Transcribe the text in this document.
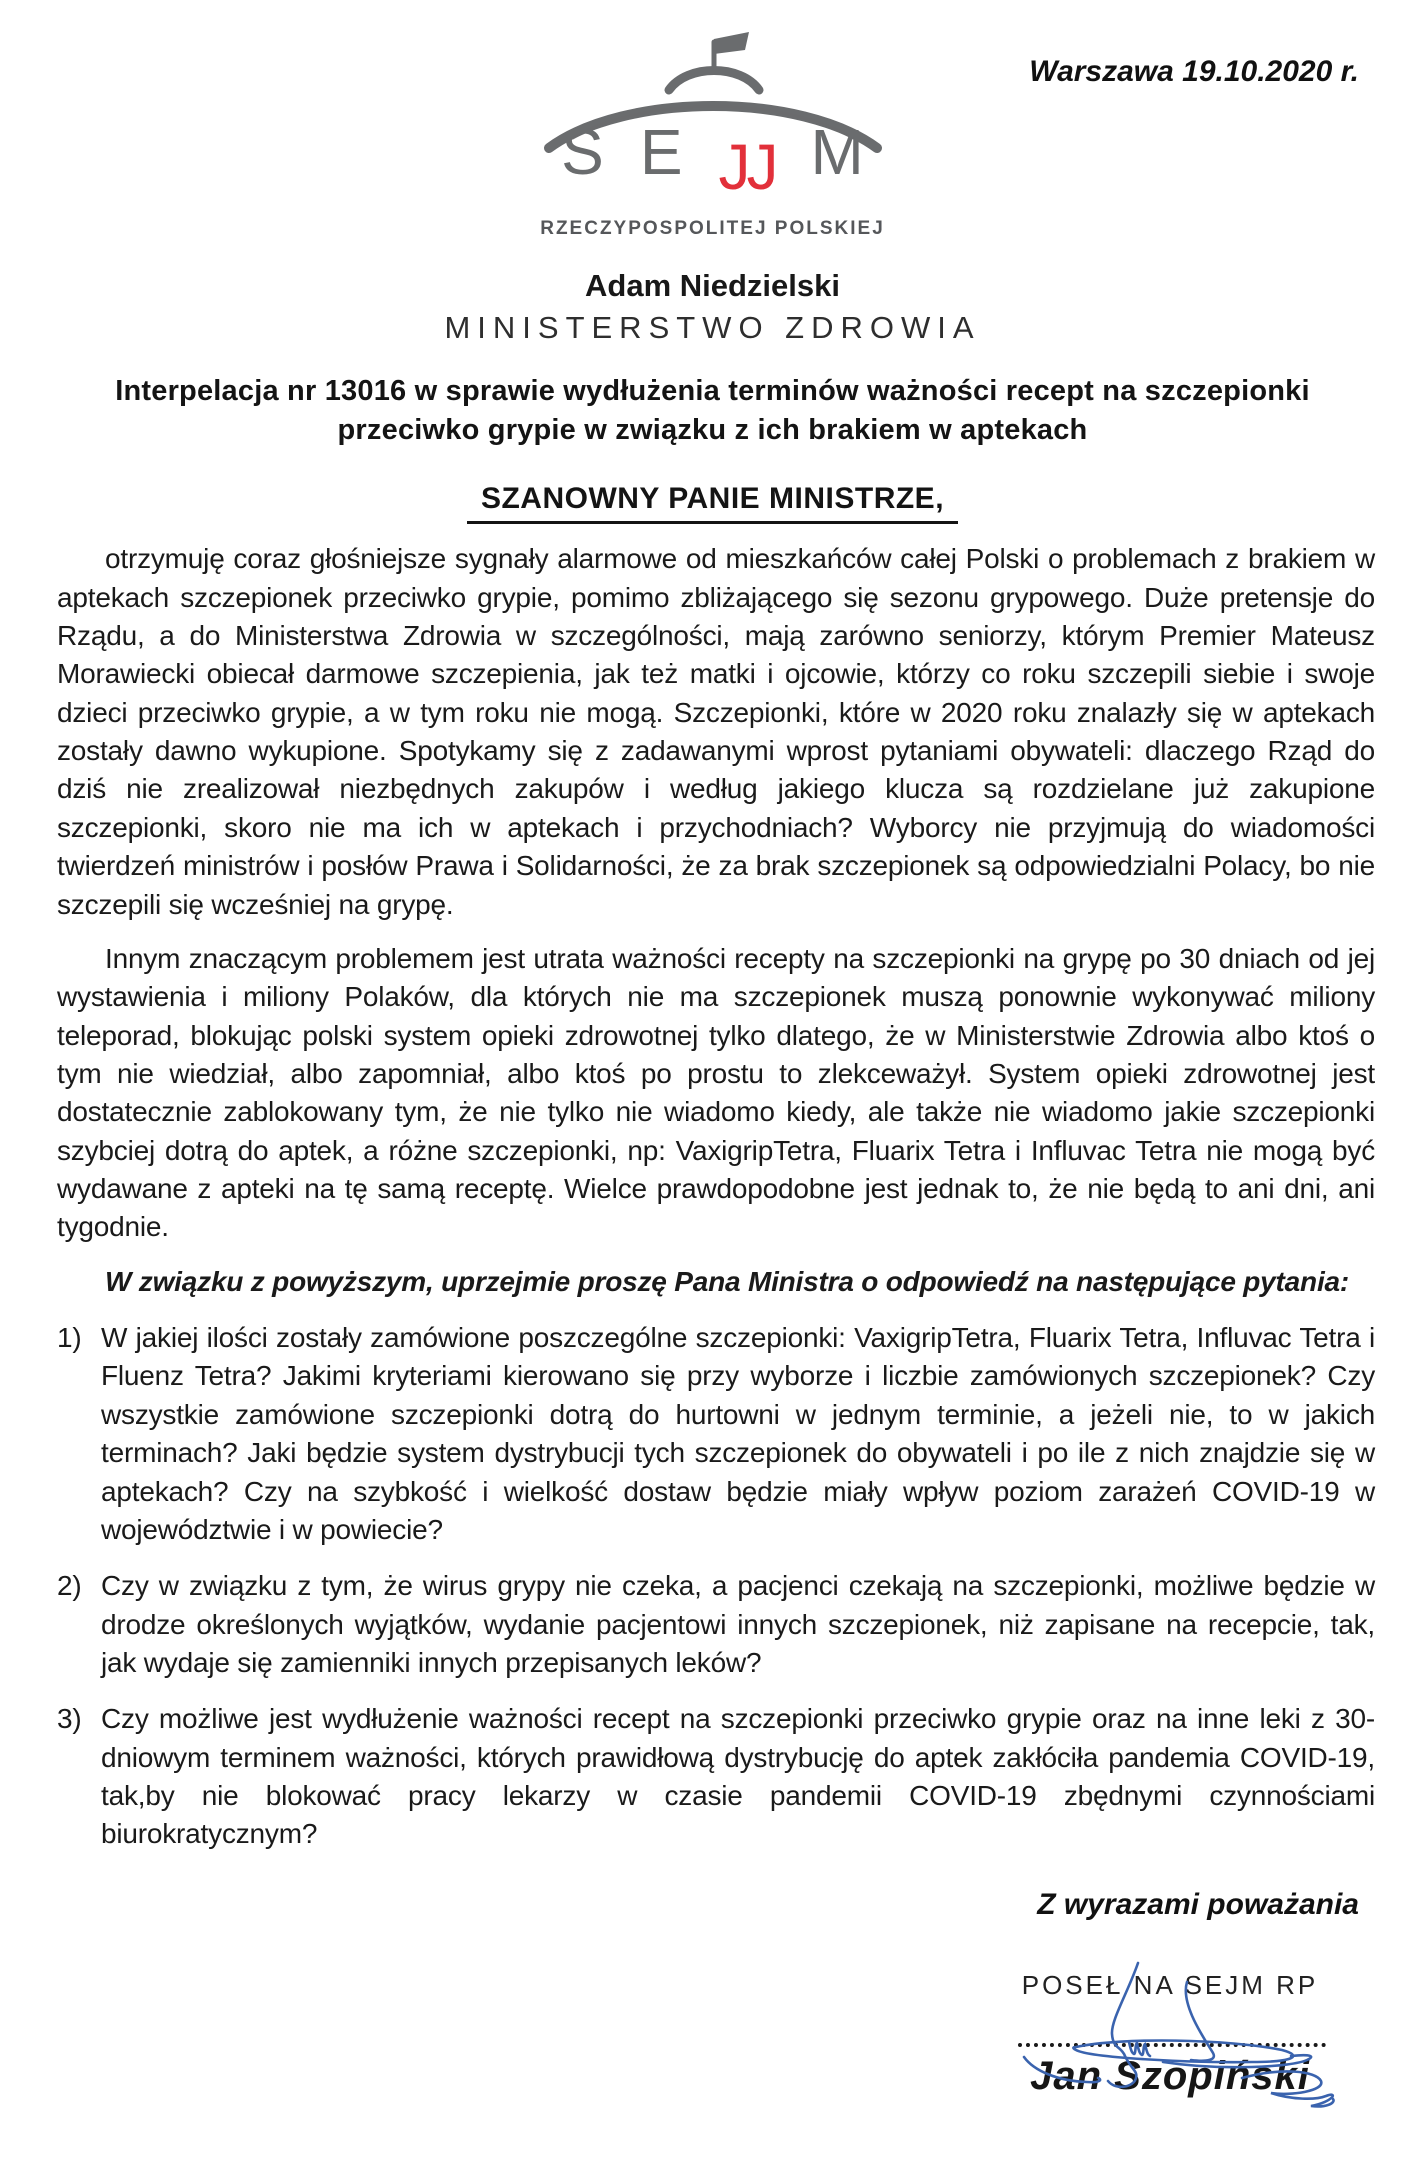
Warszawa 19.10.2020 r.
S E JJ M
RZECZYPOSPOLITEJ POLSKIEJ
Adam Niedzielski
MINISTERSTWO ZDROWIA
Interpelacja nr 13016 w sprawie wydłużenia terminów ważności recept na szczepionki przeciwko grypie w związku z ich brakiem w aptekach
SZANOWNY PANIE MINISTRZE,

otrzymuję coraz głośniejsze sygnały alarmowe od mieszkańców całej Polski o problemach z brakiem w aptekach szczepionek przeciwko grypie, pomimo zbliżającego się sezonu grypowego. Duże pretensje do Rządu, a do Ministerstwa Zdrowia w szczególności, mają zarówno seniorzy, którym Premier Mateusz Morawiecki obiecał darmowe szczepienia, jak też matki i ojcowie, którzy co roku szczepili siebie i swoje dzieci przeciwko grypie, a w tym roku nie mogą. Szczepionki, które w 2020 roku znalazły się w aptekach zostały dawno wykupione. Spotykamy się z zadawanymi wprost pytaniami obywateli: dlaczego Rząd do dziś nie zrealizował niezbędnych zakupów i według jakiego klucza są rozdzielane już zakupione szczepionki, skoro nie ma ich w aptekach i przychodniach? Wyborcy nie przyjmują do wiadomości twierdzeń ministrów i posłów Prawa i Solidarności, że za brak szczepionek są odpowiedzialni Polacy, bo nie szczepili się wcześniej na grypę.

Innym znaczącym problemem jest utrata ważności recepty na szczepionki na grypę po 30 dniach od jej wystawienia i miliony Polaków, dla których nie ma szczepionek muszą ponownie wykonywać miliony teleporad, blokując polski system opieki zdrowotnej tylko dlatego, że w Ministerstwie Zdrowia albo ktoś o tym nie wiedział, albo zapomniał, albo ktoś po prostu to zlekceważył. System opieki zdrowotnej jest dostatecznie zablokowany tym, że nie tylko nie wiadomo kiedy, ale także nie wiadomo jakie szczepionki szybciej dotrą do aptek, a różne szczepionki, np: VaxigripTetra, Fluarix Tetra i Influvac Tetra nie mogą być wydawane z apteki na tę samą receptę. Wielce prawdopodobne jest jednak to, że nie będą to ani dni, ani tygodnie.

W związku z powyższym, uprzejmie proszę Pana Ministra o odpowiedź na następujące pytania:

1) W jakiej ilości zostały zamówione poszczególne szczepionki: VaxigripTetra, Fluarix Tetra, Influvac Tetra i Fluenz Tetra? Jakimi kryteriami kierowano się przy wyborze i liczbie zamówionych szczepionek? Czy wszystkie zamówione szczepionki dotrą do hurtowni w jednym terminie, a jeżeli nie, to w jakich terminach? Jaki będzie system dystrybucji tych szczepionek do obywateli i po ile z nich znajdzie się w aptekach? Czy na szybkość i wielkość dostaw będzie miały wpływ poziom zarażeń COVID-19 w województwie i w powiecie?
2) Czy w związku z tym, że wirus grypy nie czeka, a pacjenci czekają na szczepionki, możliwe będzie w drodze określonych wyjątków, wydanie pacjentowi innych szczepionek, niż zapisane na recepcie, tak, jak wydaje się zamienniki innych przepisanych leków?
3) Czy możliwe jest wydłużenie ważności recept na szczepionki przeciwko grypie oraz na inne leki z 30-dniowym terminem ważności, których prawidłową dystrybucję do aptek zakłóciła pandemia COVID-19, tak,by nie blokować pracy lekarzy w czasie pandemii COVID-19 zbędnymi czynnościami biurokratycznym?
Z wyrazami poważania
POSEŁ NA SEJM RP
Jan Szopiński
